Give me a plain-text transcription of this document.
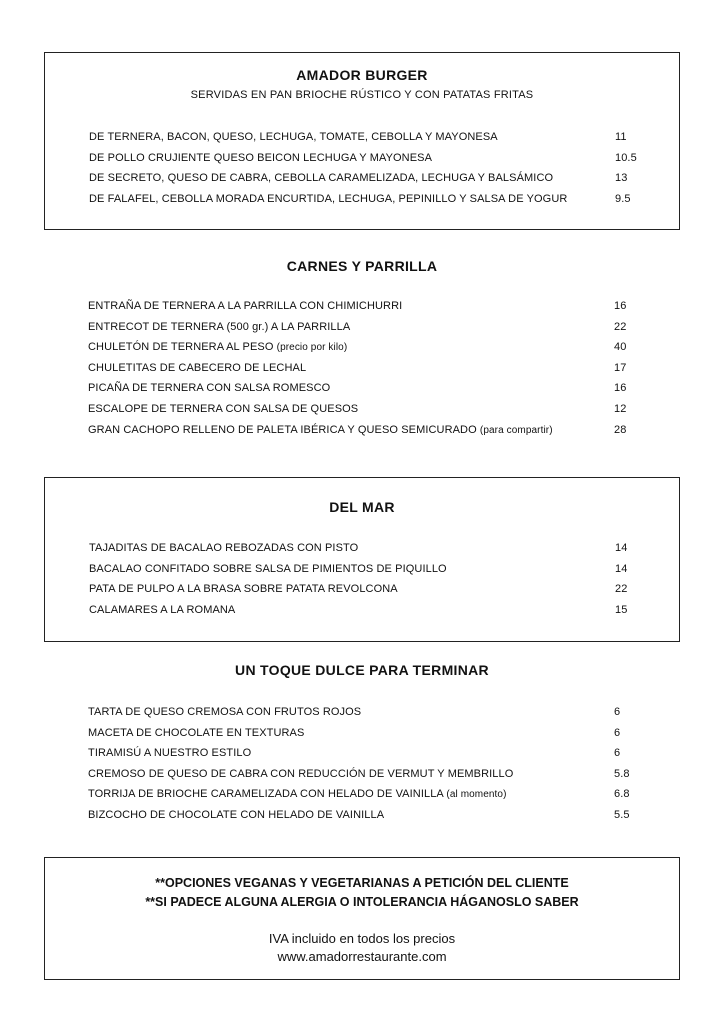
AMADOR BURGER
SERVIDAS EN PAN BRIOCHE RÚSTICO Y CON PATATAS FRITAS
DE TERNERA, BACON, QUESO, LECHUGA, TOMATE, CEBOLLA Y MAYONESA	11
DE POLLO CRUJIENTE QUESO BEICON LECHUGA Y MAYONESA	10.5
DE SECRETO, QUESO DE CABRA, CEBOLLA CARAMELIZADA, LECHUGA Y BALSÁMICO	13
DE FALAFEL, CEBOLLA MORADA ENCURTIDA, LECHUGA, PEPINILLO Y SALSA DE YOGUR	9.5
CARNES Y PARRILLA
ENTRAÑA DE TERNERA A LA PARRILLA CON CHIMICHURRI	16
ENTRECOT DE TERNERA (500 gr.) A LA PARRILLA	22
CHULETÓN DE TERNERA AL PESO (precio por kilo)	40
CHULETITAS DE CABECERO DE LECHAL	17
PICAÑA DE TERNERA CON SALSA ROMESCO	16
ESCALOPE DE TERNERA CON SALSA DE QUESOS	12
GRAN CACHOPO RELLENO DE PALETA IBÉRICA Y QUESO SEMICURADO (para compartir)	28
DEL MAR
TAJADITAS DE BACALAO REBOZADAS CON PISTO	14
BACALAO CONFITADO SOBRE SALSA DE PIMIENTOS DE PIQUILLO	14
PATA DE PULPO A LA BRASA SOBRE PATATA REVOLCONA	22
CALAMARES A LA ROMANA	15
UN TOQUE DULCE PARA TERMINAR
TARTA DE QUESO CREMOSA CON FRUTOS ROJOS	6
MACETA DE CHOCOLATE EN TEXTURAS	6
TIRAMISÚ A NUESTRO ESTILO	6
CREMOSO DE QUESO DE CABRA CON REDUCCIÓN DE VERMUT Y MEMBRILLO	5.8
TORRIJA DE BRIOCHE CARAMELIZADA CON HELADO DE VAINILLA (al momento)	6.8
BIZCOCHO DE CHOCOLATE CON HELADO DE VAINILLA	5.5
**OPCIONES VEGANAS Y VEGETARIANAS A PETICIÓN DEL CLIENTE
**SI PADECE ALGUNA ALERGIA O INTOLERANCIA HÁGANOSLO SABER
IVA incluido en todos los precios
www.amadorrestaurante.com
